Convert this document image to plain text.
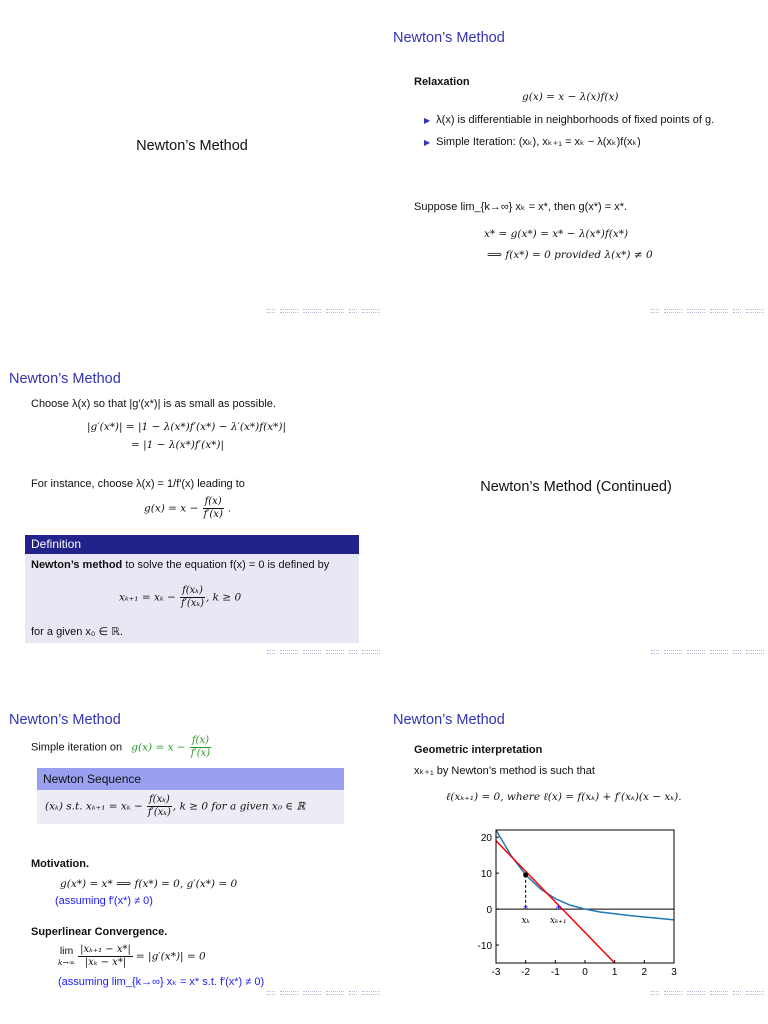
Newton’s Method
Newton’s Method
Relaxation
g(x) = x − λ(x)f(x)
▶ λ(x) is differentiable in neighborhoods of fixed points of g.
▶ Simple Iteration: (xₖ), xₖ₊₁ = xₖ − λ(xₖ)f(xₖ)
Suppose lim_{k→∞} xₖ = x*, then g(x*) = x*.
x* = g(x*) = x* − λ(x*)f(x*)
⟹ f(x*) = 0 provided λ(x*) ≠ 0
Newton’s Method
Choose λ(x) so that |g′(x*)| is as small as possible.
|g′(x*)| = |1 − λ(x*)f′(x*) − λ′(x*)f(x*)|
= |1 − λ(x*)f′(x*)|
For instance, choose λ(x) = 1/f′(x) leading to
$g(x) = x - \frac{f(x)}{f'(x)}$ .
Definition
Newton’s method to solve the equation f(x) = 0 is defined by
$x_{k+1} = x_k - \frac{\text{f(xₖ)}}{\text{f′(xₖ)}}$ , k ≥ 0
for a given x₀ ∈ ℝ.
Newton’s Method (Continued)
Newton’s Method
Simple iteration on $g(x) = x - \frac{f(x)}{f'(x)}$
Newton Sequence
(xₖ) s.t. $x_{k+1} = x_k - \frac{\text{f(xₖ)}}{\text{f′(xₖ)}}$ , k ≥ 0 for a given x₀ ∈ ℝ
Motivation.
g(x*) = x* ⟹ f(x*) = 0, g′(x*) = 0
(assuming f′(x*) ≠ 0)
Superlinear Convergence.
lim
k→∞
$\frac{\text{|xₖ₊₁ − x*|}}{\text{|xₖ − x*|}} = |g'(x*)| = 0$
(assuming lim_{k→∞} xₖ = x* s.t. f′(x*) ≠ 0)
Newton’s Method
Geometric interpretation
xₖ₊₁ by Newton’s method is such that
ℓ(xₖ₊₁) = 0, where ℓ(x) = f(xₖ) + f′(xₖ)(x − xₖ).
*
xₖ
*
xₖ₊₁
-3 -2 -1 0 1 2 3
20
10
0
-10
